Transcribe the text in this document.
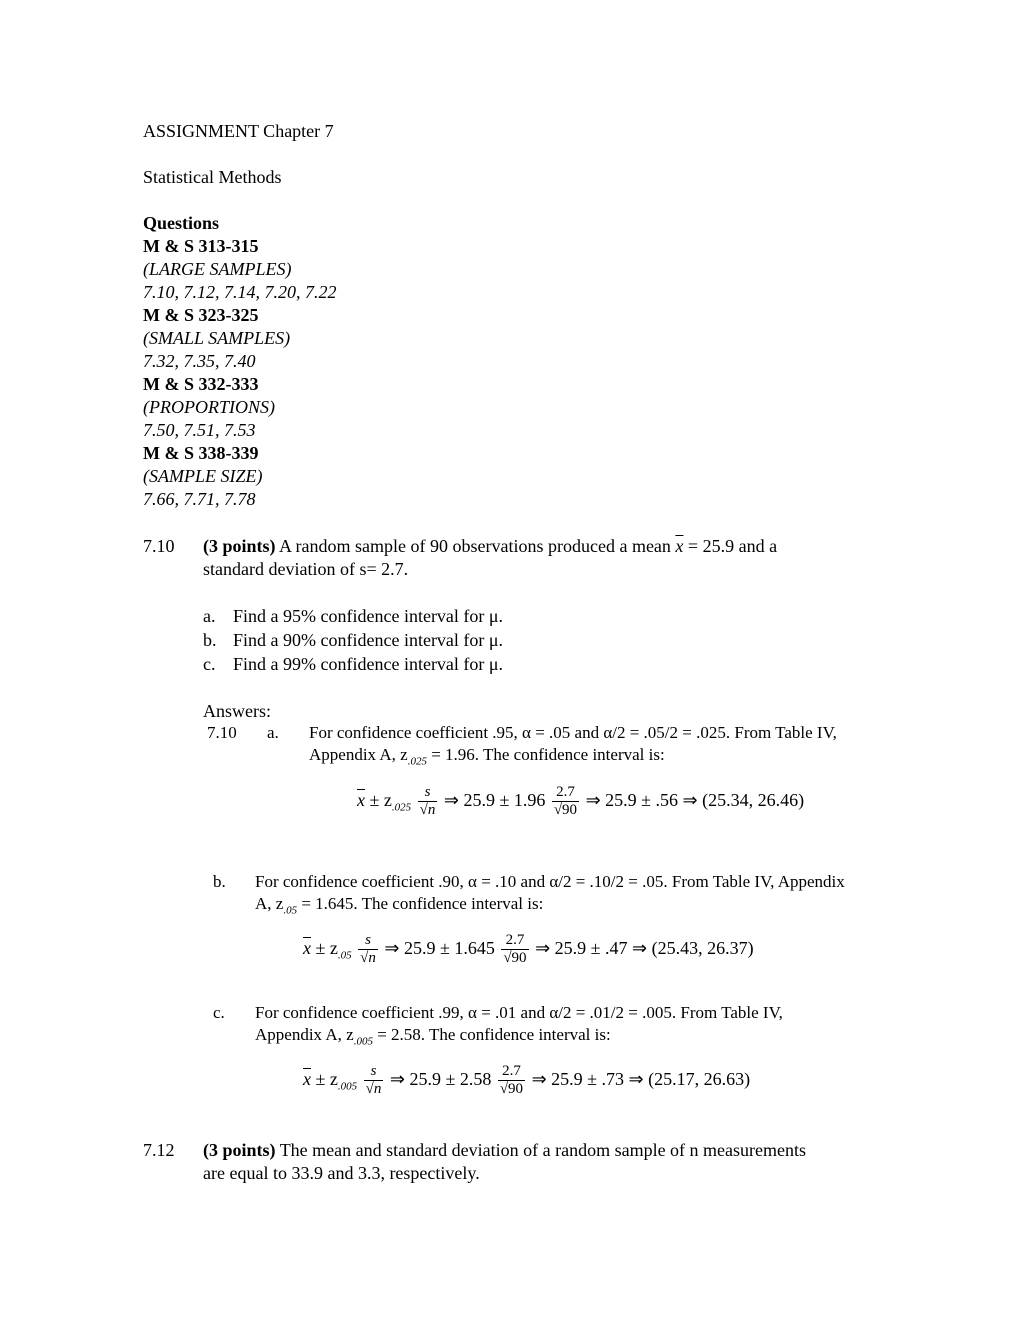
ASSIGNMENT Chapter 7
Statistical Methods
Questions
M & S 313-315
(LARGE SAMPLES)
7.10, 7.12, 7.14, 7.20, 7.22
M & S 323-325
(SMALL SAMPLES)
7.32, 7.35, 7.40
M & S 332-333
(PROPORTIONS)
7.50, 7.51, 7.53
M & S 338-339
(SAMPLE SIZE)
7.66, 7.71, 7.78
7.10 (3 points) A random sample of 90 observations produced a mean $\overline{x} = 25.9$ and a
standard deviation of s= 2.7.
a. Find a 95% confidence interval for μ.
b. Find a 90% confidence interval for μ.
c. Find a 99% confidence interval for μ.
Answers:
7.10 a. For confidence coefficient .95, α = .05 and α/2 = .05/2 = .025. From Table IV,
Appendix A, $z_{.025} = 1.96$. The confidence interval is:
$\overline{x} \pm z_{.025} \frac{s}{√n}$ ⇒ $25.9 \pm 1.96 \frac{2.7}{√90}$ ⇒ 25.9 ± .56 ⇒ (25.34, 26.46)
b. For confidence coefficient .90, α = .10 and α/2 = .10/2 = .05. From Table IV, Appendix
A, $z_{.05} = 1.645$. The confidence interval is:
$\overline{x} \pm z_{.05} \frac{s}{√n}$ ⇒ $25.9 \pm 1.645 \frac{2.7}{√90}$ ⇒ 25.9 ± .47 ⇒ (25.43, 26.37)
c. For confidence coefficient .99, α = .01 and α/2 = .01/2 = .005. From Table IV,
Appendix A, $z_{.005} = 2.58$. The confidence interval is:
$\overline{x} \pm z_{.005} \frac{s}{√n}$ ⇒ $25.9 \pm 2.58 \frac{2.7}{√90}$ ⇒ 25.9 ± .73 ⇒ (25.17, 26.63)
7.12 (3 points) The mean and standard deviation of a random sample of n measurements
are equal to 33.9 and 3.3, respectively.
